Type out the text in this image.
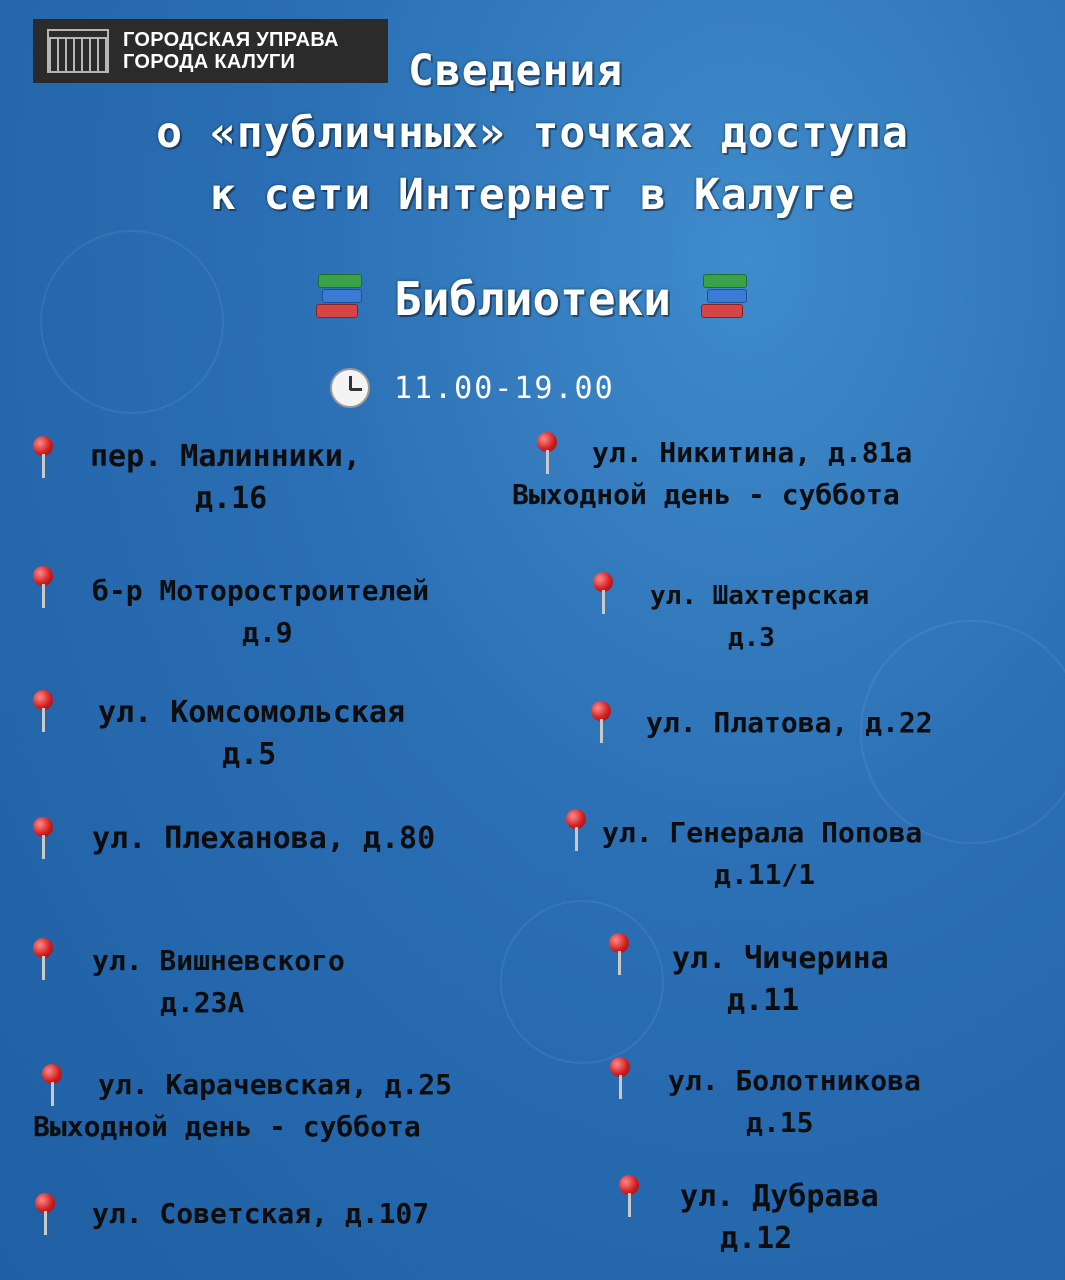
ГОРОДСКАЯ УПРАВА
ГОРОДА КАЛУГИ	Сведения
о «публичных» точках доступа
к сети Интернет в Калуге
Библиотеки
11.00-19.00
пер. Малинники,
д.16
б-р Моторостроителей
д.9
ул. Комсомольская
д.5
ул. Плеханова, д.80
ул. Вишневского
д.23А
ул. Карачевская, д.25
Выходной день - суббота
ул. Советская, д.107
ул. Никитина, д.81а
Выходной день - суббота
ул. Шахтерская
д.3
ул. Платова, д.22
ул. Генерала Попова
д.11/1
ул. Чичерина
д.11
ул. Болотникова
д.15
ул. Дубрава
д.12
